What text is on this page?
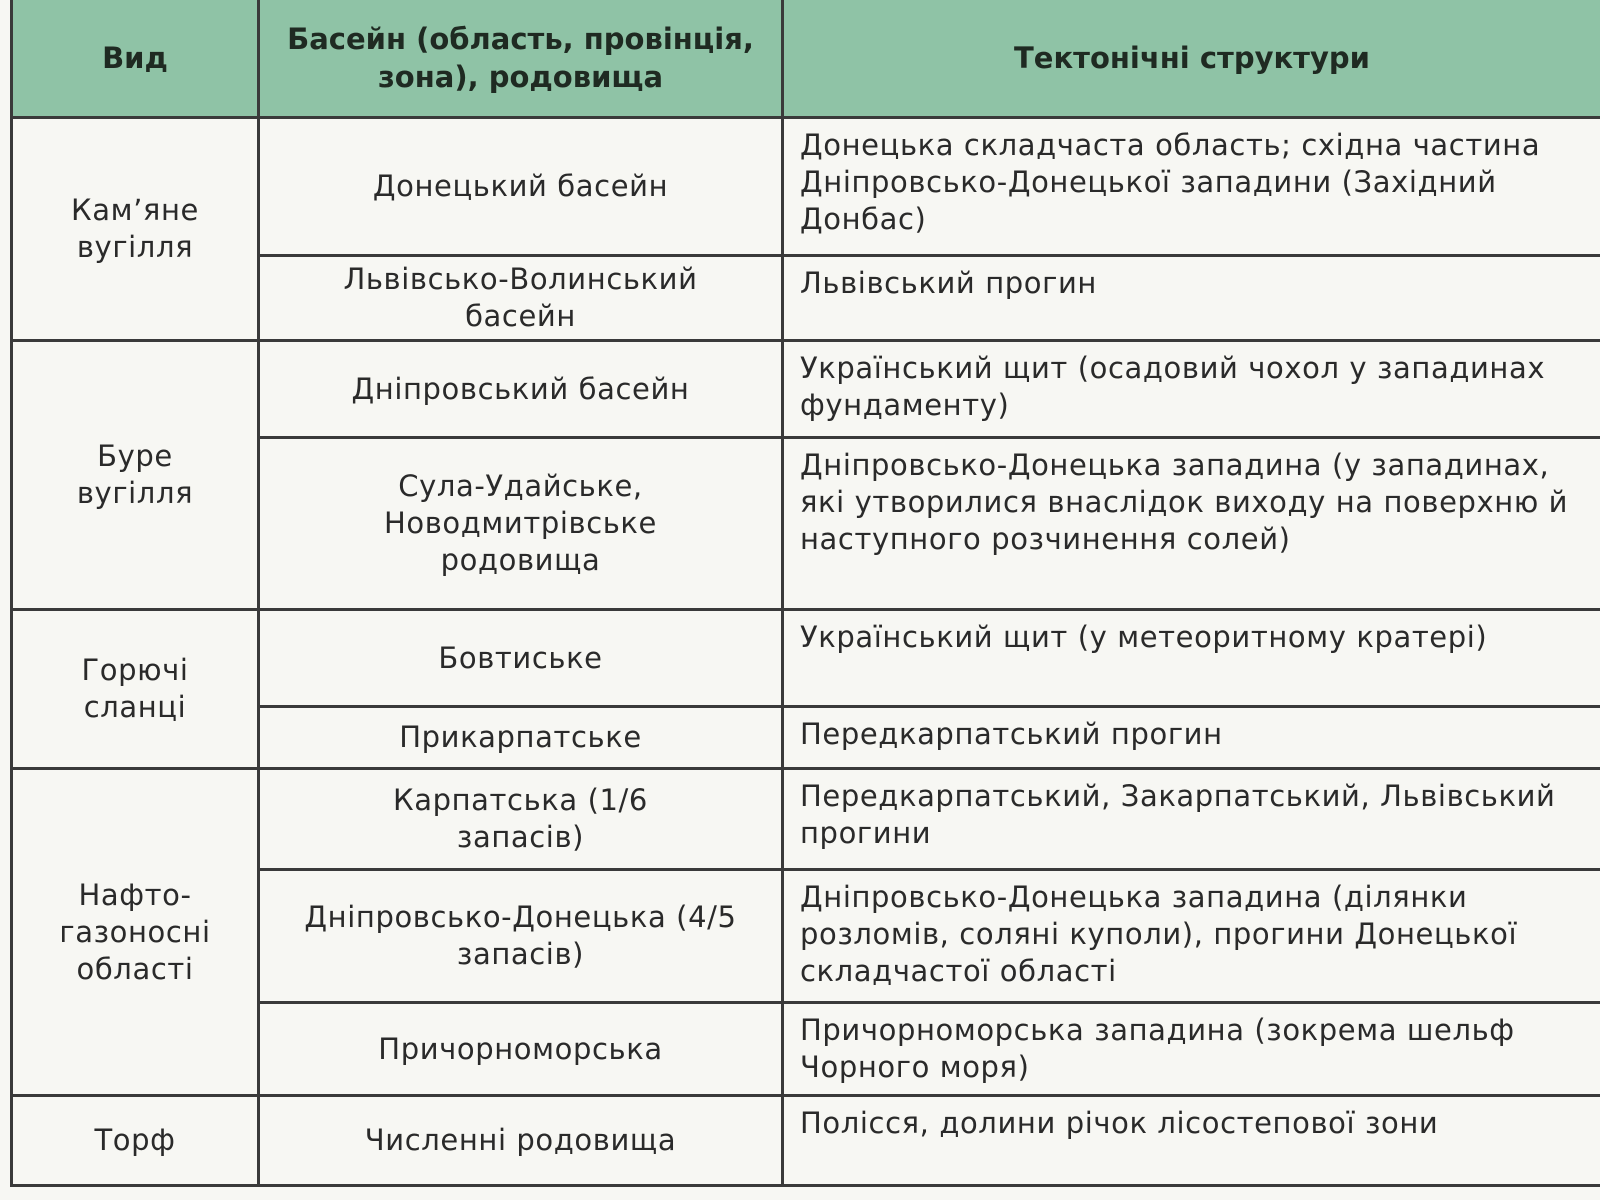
Вид	Басейн (область, провінція, зона), родовища	Тектонічні структури
Кам’яне вугілля	Донецький басейн	Донецька складчаста область; східна частина Дніпровсько-Донецької западини (Західний Донбас)
	Львівсько-Волинський басейн	Львівський прогин
Буре вугілля	Дніпровський басейн	Український щит (осадовий чохол у западинах фундаменту)
	Сула-Удайське, Новодмитрівське родовища	Дніпровсько-Донецька западина (у западинах, які утворилися внаслідок виходу на поверхню й наступного розчинення солей)
Горючі сланці	Бовтиське	Український щит (у метеоритному кратері)
	Прикарпатське	Передкарпатський прогин
Нафто-газоносні області	Карпатська (1/6 запасів)	Передкарпатський, Закарпатський, Львівський прогини
	Дніпровсько-Донецька (4/5 запасів)	Дніпровсько-Донецька западина (ділянки розломів, соляні куполи), прогини Донецької складчастої області
	Причорноморська	Причорноморська западина (зокрема шельф Чорного моря)
Торф	Численні родовища	Полісся, долини річок лісостепової зони
